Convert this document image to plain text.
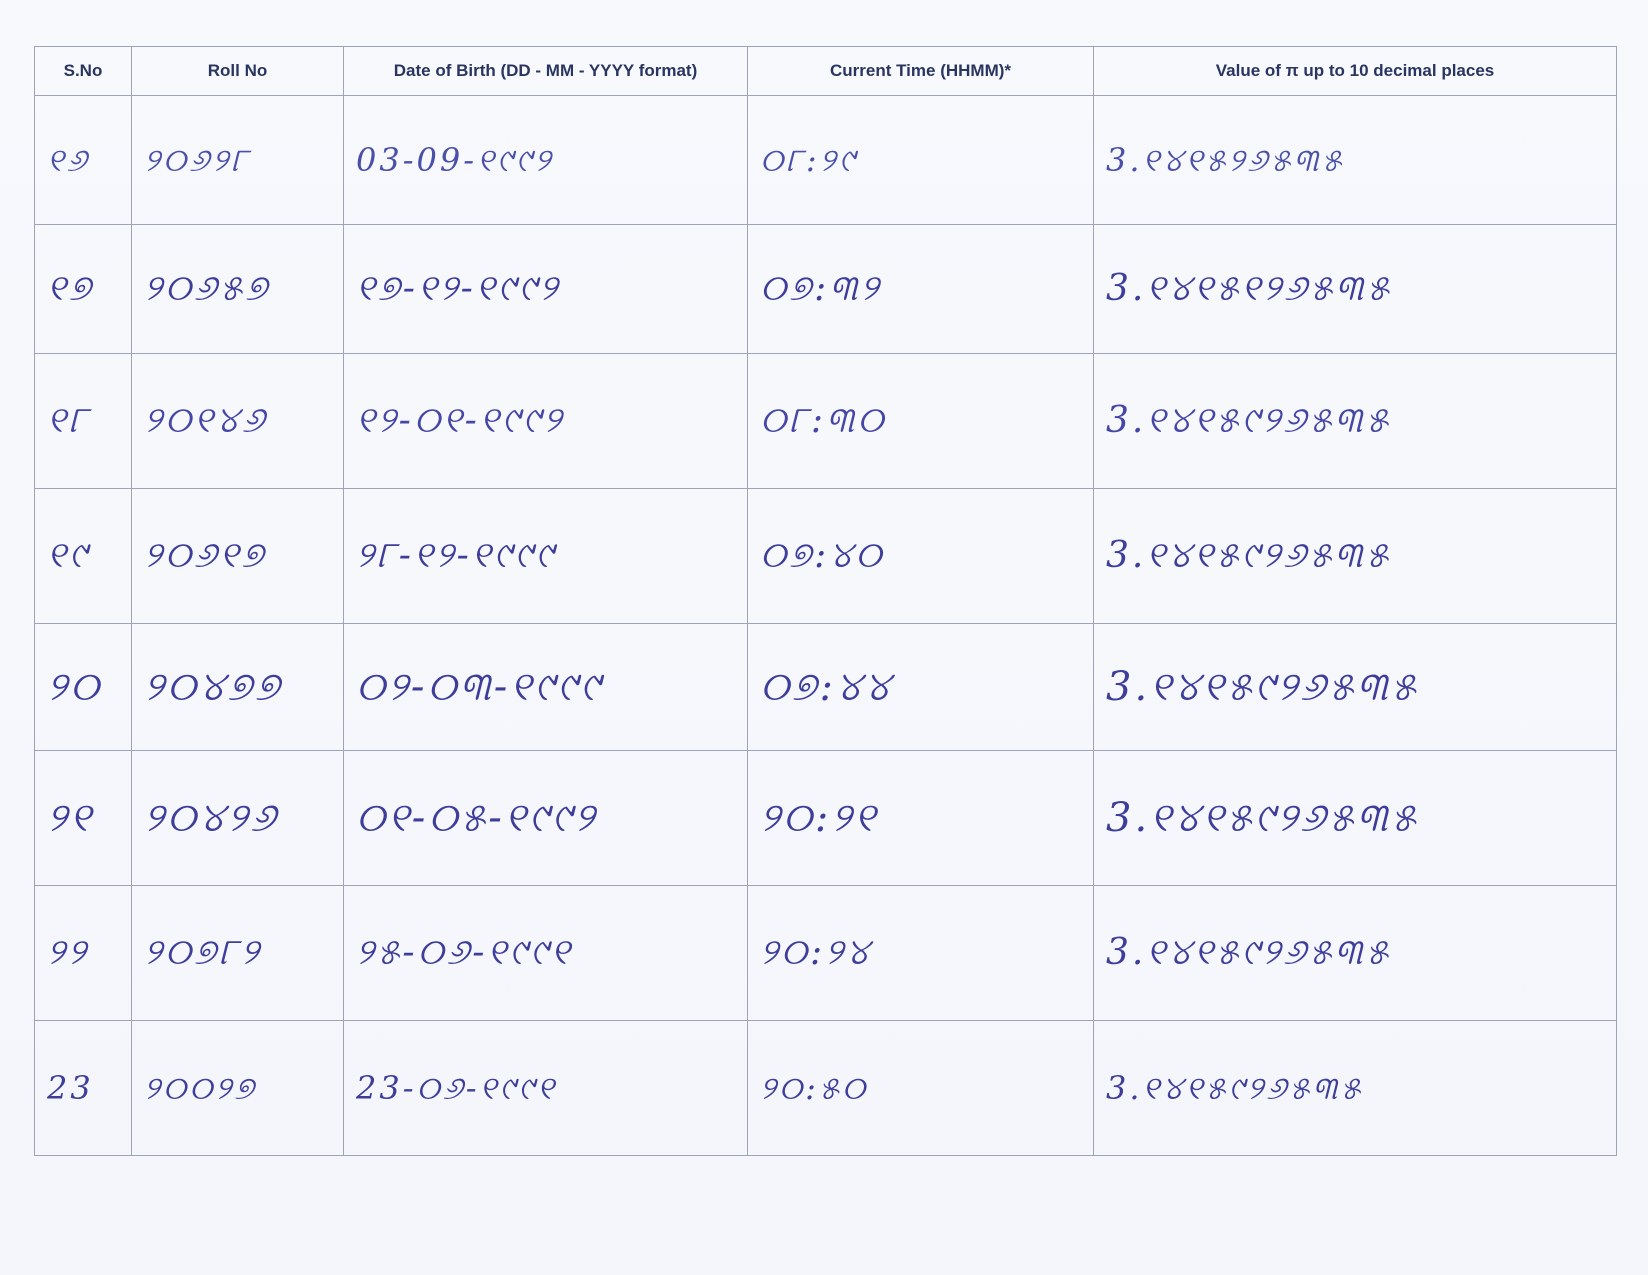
S.No	Roll No	Date of Birth (DD - MM - YYYY format)	Current Time (HHMM)*	Value of π up to 10 decimal places
୧୬	୨୦୬୨୮	03-09-୧୯୯୨	୦୮:୨୯	3.୧୪୧୫୨୬୫୩୫
୧୭	୨୦୬୫୭	୧୭-୧୨-୧୯୯୨	୦୭:୩୨	3.୧୪୧୫୧୨୬୫୩୫
୧୮	୨୦୧୪୬	୧୨-୦୧-୧୯୯୨	୦୮:୩୦	3.୧୪୧୫୯୨୬୫୩୫
୧୯	୨୦୬୧୭	୨୮-୧୨-୧୯୯୯	୦୭:୪୦	3.୧୪୧୫୯୨୬୫୩୫
୨୦	୨୦୪୭୭	୦୨-୦୩-୧୯୯୯	୦୭:୪୪	3.୧୪୧୫୯୨୬୫୩୫
୨୧	୨୦୪୨୬	୦୧-୦୫-୧୯୯୨	୨୦:୨୧	3.୧୪୧୫୯୨୬୫୩୫
୨୨	୨୦୭୮୨	୨୫-୦୬-୧୯୯୧	୨୦:୨୪	3.୧୪୧୫୯୨୬୫୩୫
23	୨୦୦୨୭	23-୦୬-୧୯୯୧	୨୦:୫୦	3.୧୪୧୫୯୨୬୫୩୫
